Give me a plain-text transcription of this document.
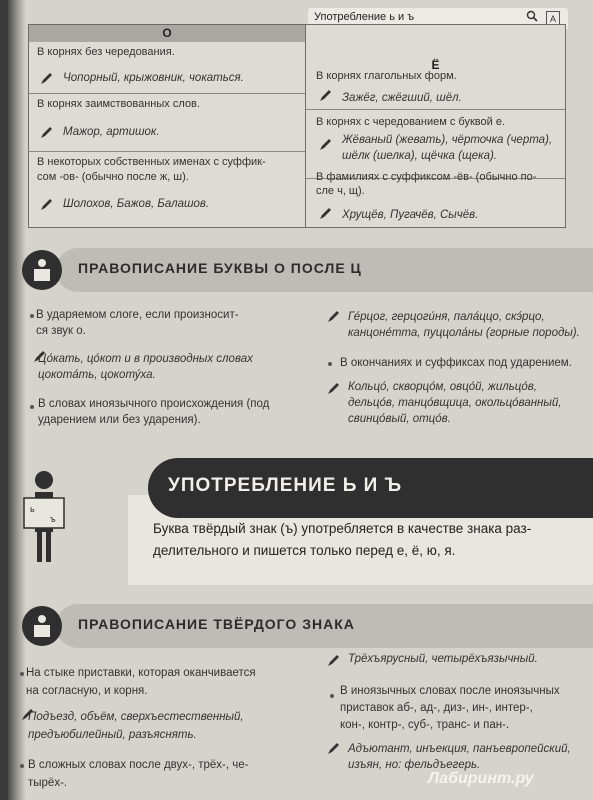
Употребление ь и ъ	А
О
Ё
В корнях без чередования.
Чопорный, крыжовник, чокаться.
В корнях заимствованных слов.
Мажор, артишок.
В некоторых собственных именах с суффик-
сом -ов- (обычно после ж, ш).
Шолохов, Бажов, Балашов.
В корнях глагольных форм.
Зажёг, сжёгший, шёл.
В корнях с чередованием с буквой е.
Жёваный (жевать), чёрточка (черта),
шёлк (шелка), щёчка (щека).
В фамилиях с суффиксом -ёв- (обычно по-
сле ч, щ).
Хрущёв, Пугачёв, Сычёв.
ПРАВОПИСАНИЕ БУКВЫ О ПОСЛЕ Ц
В ударяемом слоге, если произносит-
ся звук о.
Цо́кать, цо́кот и в производных словах
цокота́ть, цокоту́ха.
В словах иноязычного происхождения (под
ударением или без ударения).
Ге́рцог, герцоги́ня, пала́ццо, скэ́рцо,
канцоне́тта, пуццола́ны (горные породы).
В окончаниях и суффиксах под ударением.
Кольцо́, скворцо́м, овцо́й, жильцо́в,
дельцо́в, танцо́вщица, окольцо́ванный,
свинцо́вый, отцо́в.
УПОТРЕБЛЕНИЕ Ь И Ъ
ь
ъ
Буква твёрдый знак (ъ) употребляется в качестве знака раз-
делительного и пишется только перед е, ё, ю, я.
ПРАВОПИСАНИЕ ТВЁРДОГО ЗНАКА
На стыке приставки, которая оканчивается
на согласную, и корня.
Подъезд, объём, сверхъестественный,
предъюбилейный, разъяснять.
В сложных словах после двух-, трёх-, че-
тырёх-.
Трёхъярусный, четырёхъязычный.
В иноязычных словах после иноязычных
приставок аб-, ад-, диз-, ин-, интер-,
кон-, контр-, суб-, транс- и пан-.
Адъютант, инъекция, панъевропейский,
изъян, но: фельдъегерь.
Лабиринт.ру
